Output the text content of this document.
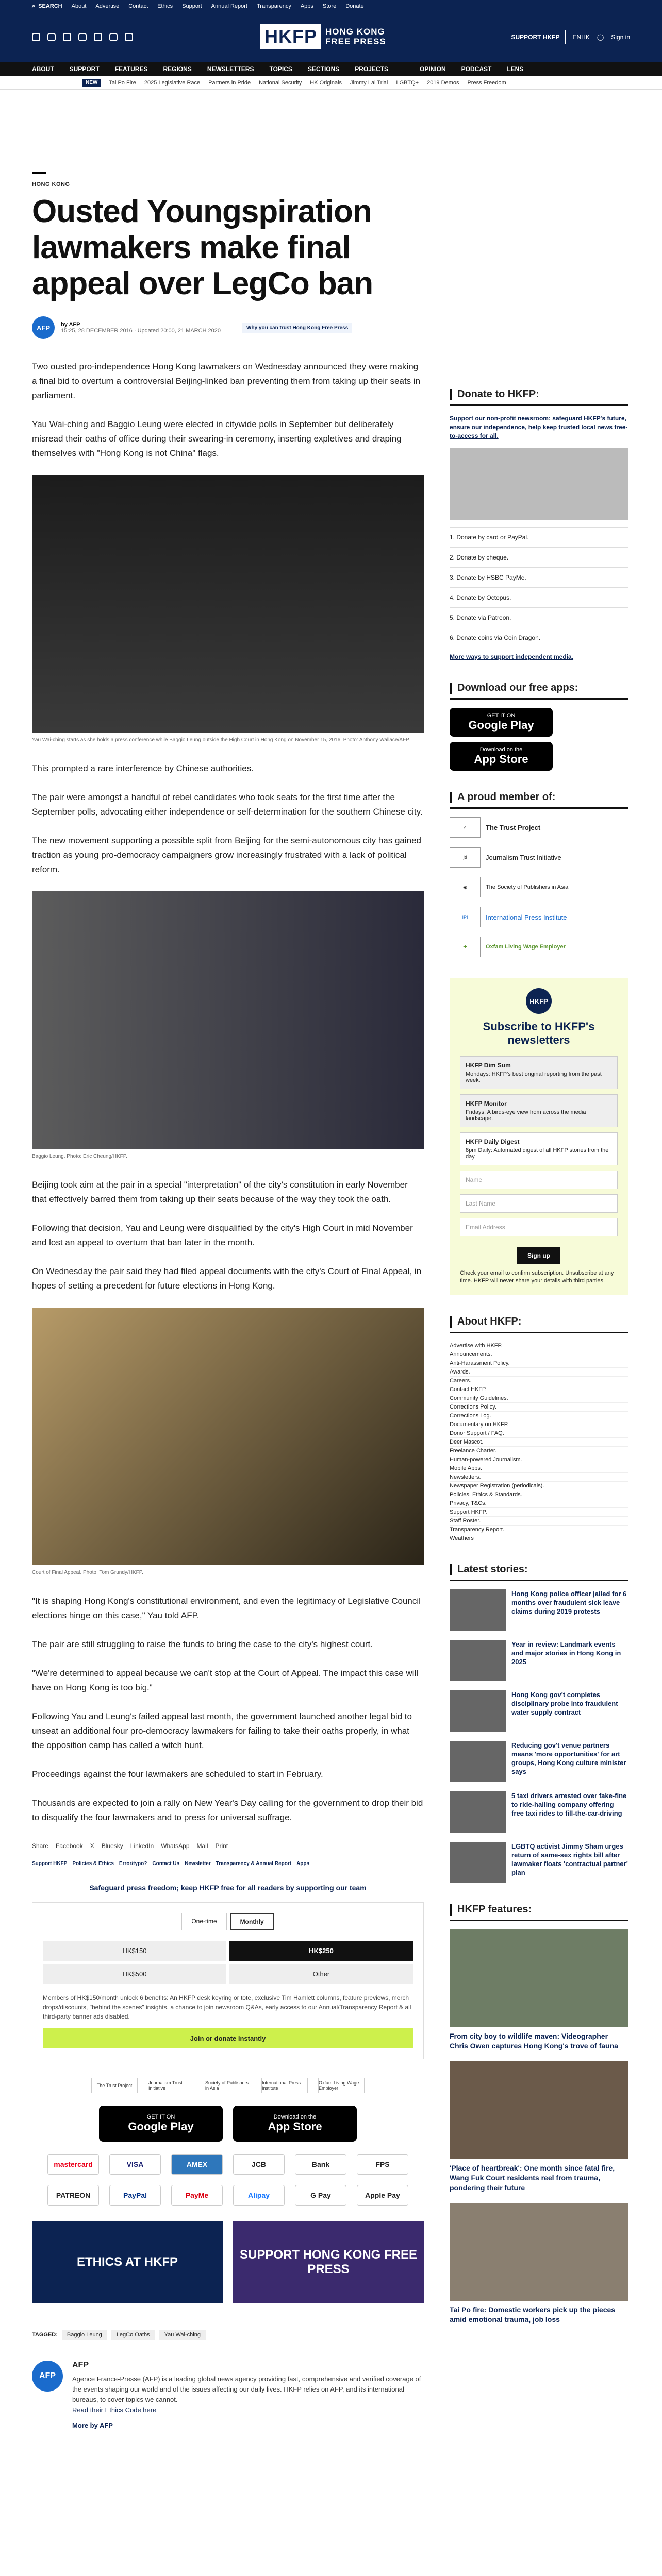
⌕ SEARCH About Advertise Contact Ethics Support Annual Report Transparency Apps Store Donate
HKFP HONG KONG
FREE PRESS	SUPPORT HKFP	ENHK ◯ Sign in
ABOUT	SUPPORT	FEATURES	REGIONS	NEWSLETTERS	TOPICS	SECTIONS	PROJECTS	OPINION	PODCAST	LENS
NEW	Tai Po Fire 2025 Legislative Race Partners in Pride National Security HK Originals Jimmy Lai Trial LGBTQ+ 2019 Demos Press Freedom
HONG KONG
Ousted Youngspiration lawmakers make final appeal over LegCo ban
AFP	by AFP
15:25, 28 DECEMBER 2016 · Updated 20:00, 21 MARCH 2020	Why you can trust Hong Kong Free Press

Two ousted pro-independence Hong Kong lawmakers on Wednesday announced they were making a final bid to overturn a controversial Beijing-linked ban preventing them from taking up their seats in parliament.

Yau Wai-ching and Baggio Leung were elected in citywide polls in September but deliberately misread their oaths of office during their swearing-in ceremony, inserting expletives and draping themselves with "Hong Kong is not China" flags.

Yau Wai-ching starts as she holds a press conference while Baggio Leung outside the High Court in Hong Kong on November 15, 2016. Photo: Anthony Wallace/AFP.

This prompted a rare interference by Chinese authorities.

The pair were amongst a handful of rebel candidates who took seats for the first time after the September polls, advocating either independence or self-determination for the southern Chinese city.

The new movement supporting a possible split from Beijing for the semi-autonomous city has gained traction as young pro-democracy campaigners grow increasingly frustrated with a lack of political reform.

Baggio Leung. Photo: Eric Cheung/HKFP.

Beijing took aim at the pair in a special "interpretation" of the city's constitution in early November that effectively barred them from taking up their seats because of the way they took the oath.

Following that decision, Yau and Leung were disqualified by the city's High Court in mid November and lost an appeal to overturn that ban later in the month.

On Wednesday the pair said they had filed appeal documents with the city's Court of Final Appeal, in hopes of setting a precedent for future elections in Hong Kong.

Court of Final Appeal. Photo: Tom Grundy/HKFP.

"It is shaping Hong Kong's constitutional environment, and even the legitimacy of Legislative Council elections hinge on this case," Yau told AFP.

The pair are still struggling to raise the funds to bring the case to the city's highest court.

"We're determined to appeal because we can't stop at the Court of Appeal. The impact this case will have on Hong Kong is too big."

Following Yau and Leung's failed appeal last month, the government launched another legal bid to unseat an additional four pro-democracy lawmakers for failing to take their oaths properly, in what the opposition camp has called a witch hunt.

Proceedings against the four lawmakers are scheduled to start in February.

Thousands are expected to join a rally on New Year's Day calling for the government to drop their bid to disqualify the four lawmakers and to press for universal suffrage.

Share Facebook X Bluesky LinkedIn WhatsApp Mail Print
Support HKFP Policies & Ethics Error/typo? Contact Us Newsletter Transparency & Annual Report Apps
Safeguard press freedom; keep HKFP free for all readers by supporting our team
One-time	Monthly
HK$150	HK$250
HK$500	Other
Members of HK$150/month unlock 6 benefits: An HKFP desk keyring or tote, exclusive Tim Hamlett columns, feature previews, merch drops/discounts, "behind the scenes" insights, a chance to join newsroom Q&As, early access to our Annual/Transparency Report & all third-party banner ads disabled.
Join or donate instantly
The Trust Project	Journalism Trust Initiative
Society of Publishers in Asia
International Press Institute
Oxfam Living Wage Employer
GET IT ON
Google Play
Download on the
App Store
mastercard	VISA	AMEX	JCB	Bank	FPS
PATREON	PayPal	PayMe	Alipay	G Pay	Apple Pay
ETHICS AT HKFP
SUPPORT HONG KONG FREE PRESS
TAGGED:	Baggio Leung	LegCo Oaths	Yau Wai-ching
AFP
AFP

Agence France-Presse (AFP) is a leading global news agency providing fast, comprehensive and verified coverage of the events shaping our world and of the issues affecting our daily lives. HKFP relies on AFP, and its international bureaus, to cover topics we cannot.

Read their Ethics Code here

More by AFP

Donate to HKFP:
Support our non-profit newsroom: safeguard HKFP's future, ensure our independence, help keep trusted local news free-to-access for all.
1. Donate by card or PayPal.
2. Donate by cheque.
3. Donate by HSBC PayMe.
4. Donate by Octopus.
5. Donate via Patreon.
6. Donate coins via Coin Dragon.
More ways to support independent media.
Download our free apps:
GET IT ON
Google Play
Download on the
App Store
A proud member of:
✓	The Trust Project
jti	Journalism Trust Initiative
◉	The Society of Publishers in Asia
IPI	International Press Institute
✚	Oxfam Living Wage Employer
HKFP
Subscribe to HKFP's newsletters
HKFP Dim Sum
Mondays: HKFP's best original reporting from the past week.
HKFP Monitor
Fridays: A birds-eye view from across the media landscape.
HKFP Daily Digest
8pm Daily: Automated digest of all HKFP stories from the day.
Name
Last Name
Email Address
Sign up
Check your email to confirm subscription. Unsubscribe at any time. HKFP will never share your details with third parties.
About HKFP:
Advertise with HKFP.
Announcements.
Anti-Harassment Policy.
Awards.
Careers.
Contact HKFP.
Community Guidelines.
Corrections Policy.
Corrections Log.
Documentary on HKFP.
Donor Support / FAQ.
Deer Mascot.
Freelance Charter.
Human-powered Journalism.
Mobile Apps.
Newsletters.
Newspaper Registration (periodicals).
Policies, Ethics & Standards.
Privacy, T&Cs.
Support HKFP.
Staff Roster.
Transparency Report.
Weathers
Latest stories:

Hong Kong police officer jailed for 6 months over fraudulent sick leave claims during 2019 protests

Year in review: Landmark events and major stories in Hong Kong in 2025

Hong Kong gov't completes disciplinary probe into fraudulent water supply contract

Reducing gov't venue partners means 'more opportunities' for art groups, Hong Kong culture minister says

5 taxi drivers arrested over fake-fine to ride-hailing company offering free taxi rides to fill-the-car-driving

LGBTQ activist Jimmy Sham urges return of same-sex rights bill after lawmaker floats 'contractual partner' plan

HKFP features:

From city boy to wildlife maven: Videographer Chris Owen captures Hong Kong's trove of fauna

'Place of heartbreak': One month since fatal fire, Wang Fuk Court residents reel from trauma, pondering their future

Tai Po fire: Domestic workers pick up the pieces amid emotional trauma, job loss
